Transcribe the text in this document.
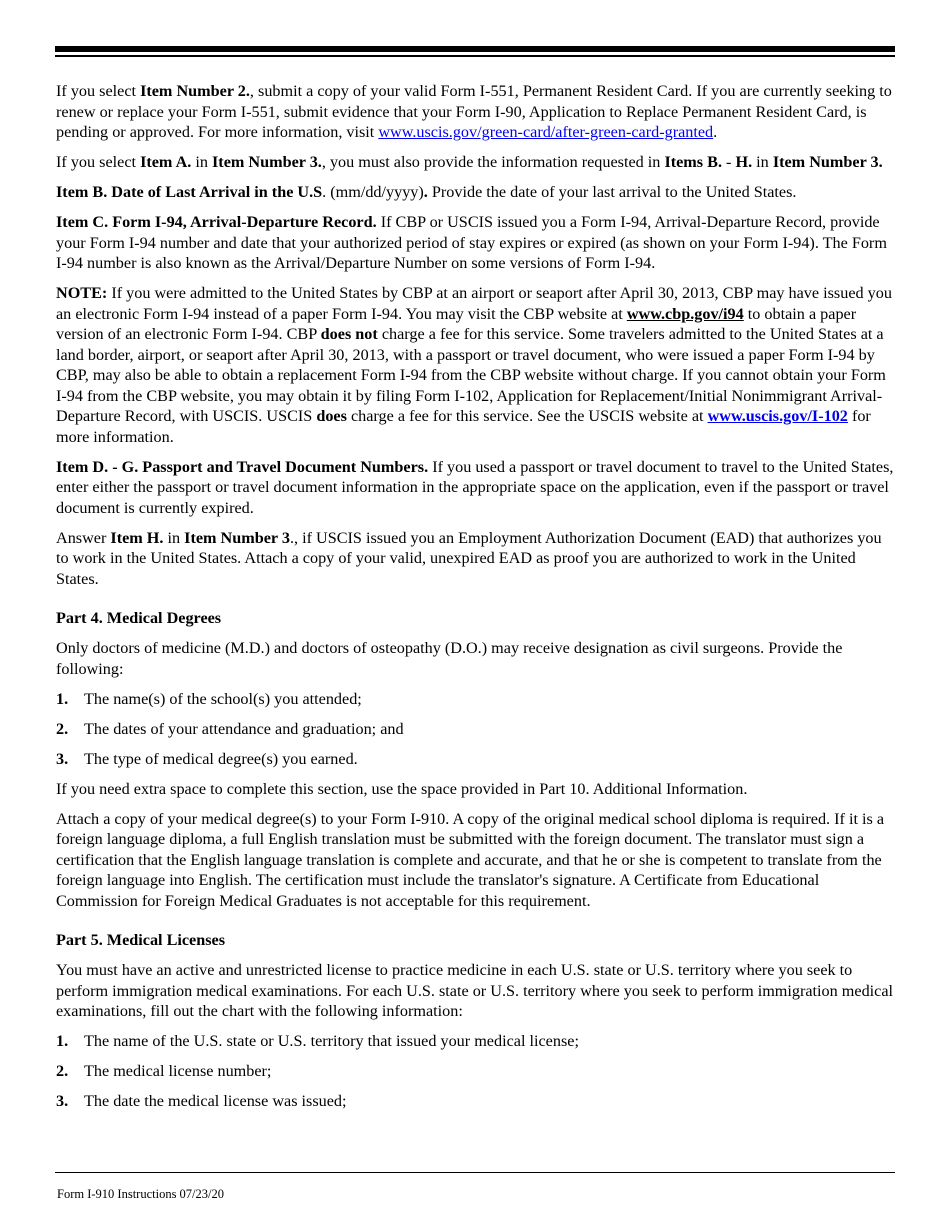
If you select Item Number 2., submit a copy of your valid Form I-551, Permanent Resident Card. If you are currently seeking to renew or replace your Form I-551, submit evidence that your Form I-90, Application to Replace Permanent Resident Card, is pending or approved. For more information, visit www.uscis.gov/green-card/after-green-card-granted.

If you select Item A. in Item Number 3., you must also provide the information requested in Items B. - H. in Item Number 3.

Item B. Date of Last Arrival in the U.S. (mm/dd/yyyy). Provide the date of your last arrival to the United States.

Item C. Form I-94, Arrival-Departure Record. If CBP or USCIS issued you a Form I-94, Arrival-Departure Record, provide your Form I-94 number and date that your authorized period of stay expires or expired (as shown on your Form I-94). The Form I-94 number is also known as the Arrival/Departure Number on some versions of Form I-94.

NOTE: If you were admitted to the United States by CBP at an airport or seaport after April 30, 2013, CBP may have issued you an electronic Form I-94 instead of a paper Form I-94. You may visit the CBP website at www.cbp.gov/i94 to obtain a paper version of an electronic Form I-94. CBP does not charge a fee for this service. Some travelers admitted to the United States at a land border, airport, or seaport after April 30, 2013, with a passport or travel document, who were issued a paper Form I-94 by CBP, may also be able to obtain a replacement Form I-94 from the CBP website without charge. If you cannot obtain your Form I-94 from the CBP website, you may obtain it by filing Form I-102, Application for Replacement/Initial Nonimmigrant Arrival-Departure Record, with USCIS. USCIS does charge a fee for this service. See the USCIS website at www.uscis.gov/I-102 for more information.

Item D. - G. Passport and Travel Document Numbers. If you used a passport or travel document to travel to the United States, enter either the passport or travel document information in the appropriate space on the application, even if the passport or travel document is currently expired.

Answer Item H. in Item Number 3., if USCIS issued you an Employment Authorization Document (EAD) that authorizes you to work in the United States. Attach a copy of your valid, unexpired EAD as proof you are authorized to work in the United States.

Part 4. Medical Degrees

Only doctors of medicine (M.D.) and doctors of osteopathy (D.O.) may receive designation as civil surgeons. Provide the following:

1. The name(s) of the school(s) you attended;
2. The dates of your attendance and graduation; and
3. The type of medical degree(s) you earned.

If you need extra space to complete this section, use the space provided in Part 10. Additional Information.

Attach a copy of your medical degree(s) to your Form I-910. A copy of the original medical school diploma is required. If it is a foreign language diploma, a full English translation must be submitted with the foreign document. The translator must sign a certification that the English language translation is complete and accurate, and that he or she is competent to translate from the foreign language into English. The certification must include the translator's signature. A Certificate from Educational Commission for Foreign Medical Graduates is not acceptable for this requirement.

Part 5. Medical Licenses

You must have an active and unrestricted license to practice medicine in each U.S. state or U.S. territory where you seek to perform immigration medical examinations. For each U.S. state or U.S. territory where you seek to perform immigration medical examinations, fill out the chart with the following information:

1. The name of the U.S. state or U.S. territory that issued your medical license;
2. The medical license number;
3. The date the medical license was issued;
Form I-910 Instructions 07/23/20
